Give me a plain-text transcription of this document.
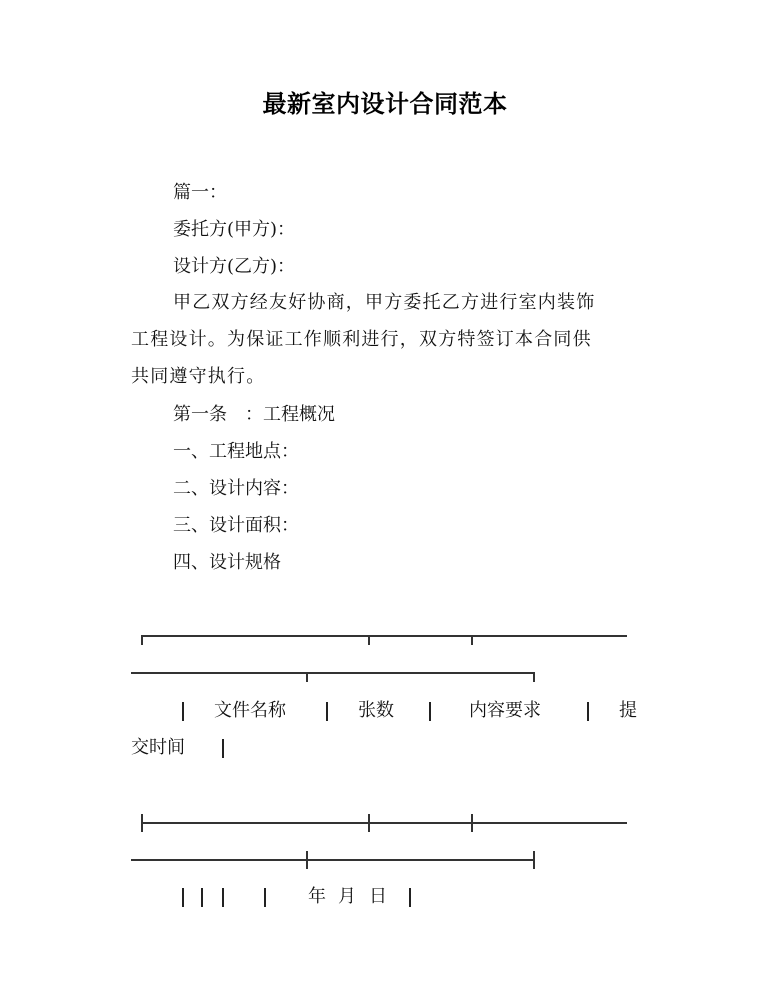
最新室内设计合同范本
篇一：
委托方(甲方)：
设计方(乙方)：
甲乙双方经友好协商，甲方委托乙方进行室内装饰
工程设计。为保证工作顺利进行，双方特签订本合同供
共同遵守执行。
第一条　：工程概况
一、工程地点：
二、设计内容：
三、设计面积：
四、设计规格
文件名称	张数	内容要求	提
交时间
年 月 日
